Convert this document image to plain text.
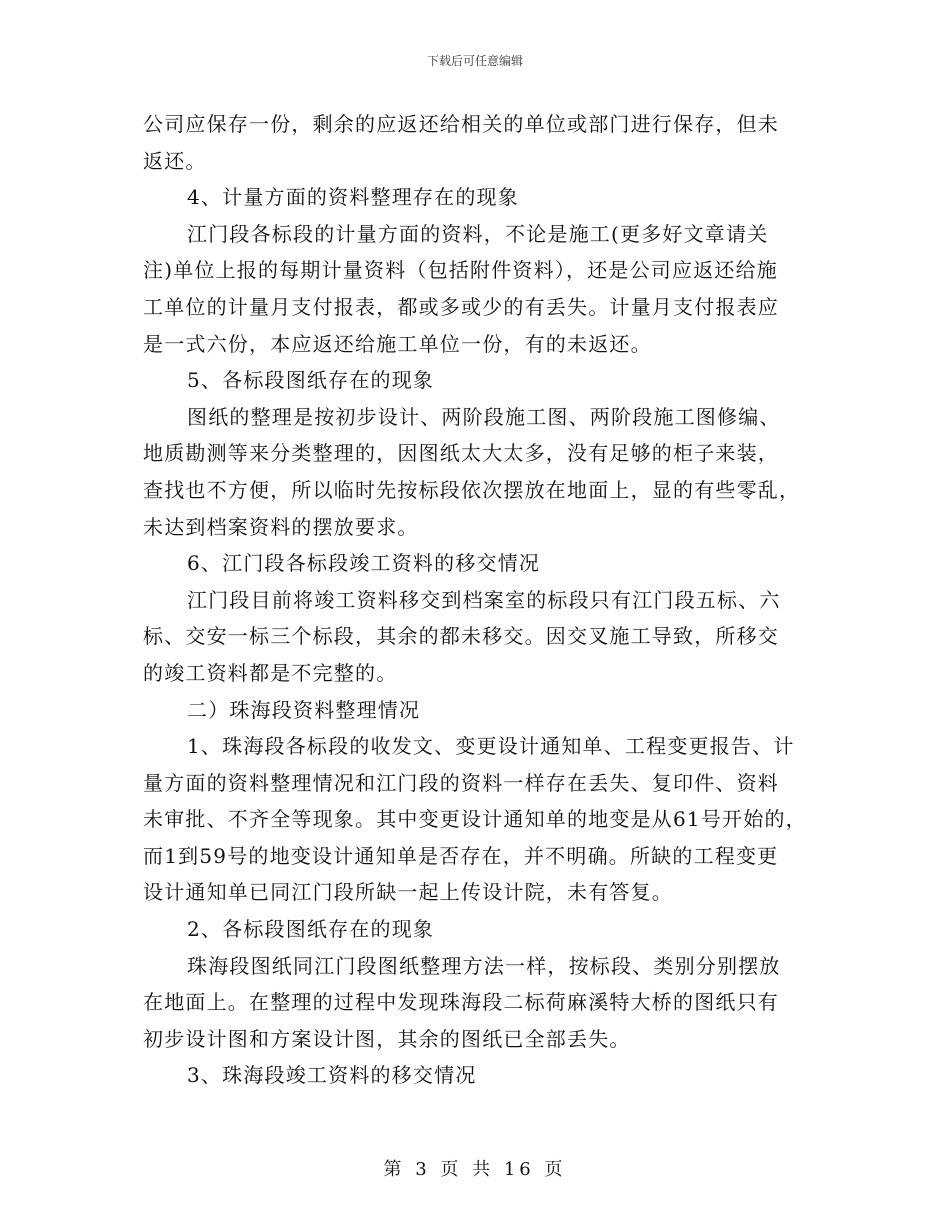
下载后可任意编辑
公司应保存一份，剩余的应返还给相关的单位或部门进行保存，但未
返还。
4、计量方面的资料整理存在的现象
江门段各标段的计量方面的资料，不论是施工(更多好文章请关
注)单位上报的每期计量资料（包括附件资料），还是公司应返还给施
工单位的计量月支付报表，都或多或少的有丢失。计量月支付报表应
是一式六份，本应返还给施工单位一份，有的未返还。
5、各标段图纸存在的现象
图纸的整理是按初步设计、两阶段施工图、两阶段施工图修编、
地质勘测等来分类整理的，因图纸太大太多，没有足够的柜子来装，
查找也不方便，所以临时先按标段依次摆放在地面上，显的有些零乱，
未达到档案资料的摆放要求。
6、江门段各标段竣工资料的移交情况
江门段目前将竣工资料移交到档案室的标段只有江门段五标、六
标、交安一标三个标段，其余的都未移交。因交叉施工导致，所移交
的竣工资料都是不完整的。
二）珠海段资料整理情况
1、珠海段各标段的收发文、变更设计通知单、工程变更报告、计
量方面的资料整理情况和江门段的资料一样存在丢失、复印件、资料
未审批、不齐全等现象。其中变更设计通知单的地变是从61号开始的，
而1到59号的地变设计通知单是否存在，并不明确。所缺的工程变更
设计通知单已同江门段所缺一起上传设计院，未有答复。
2、各标段图纸存在的现象
珠海段图纸同江门段图纸整理方法一样，按标段、类别分别摆放
在地面上。在整理的过程中发现珠海段二标荷麻溪特大桥的图纸只有
初步设计图和方案设计图，其余的图纸已全部丢失。
3、珠海段竣工资料的移交情况
第 3 页 共 16 页
